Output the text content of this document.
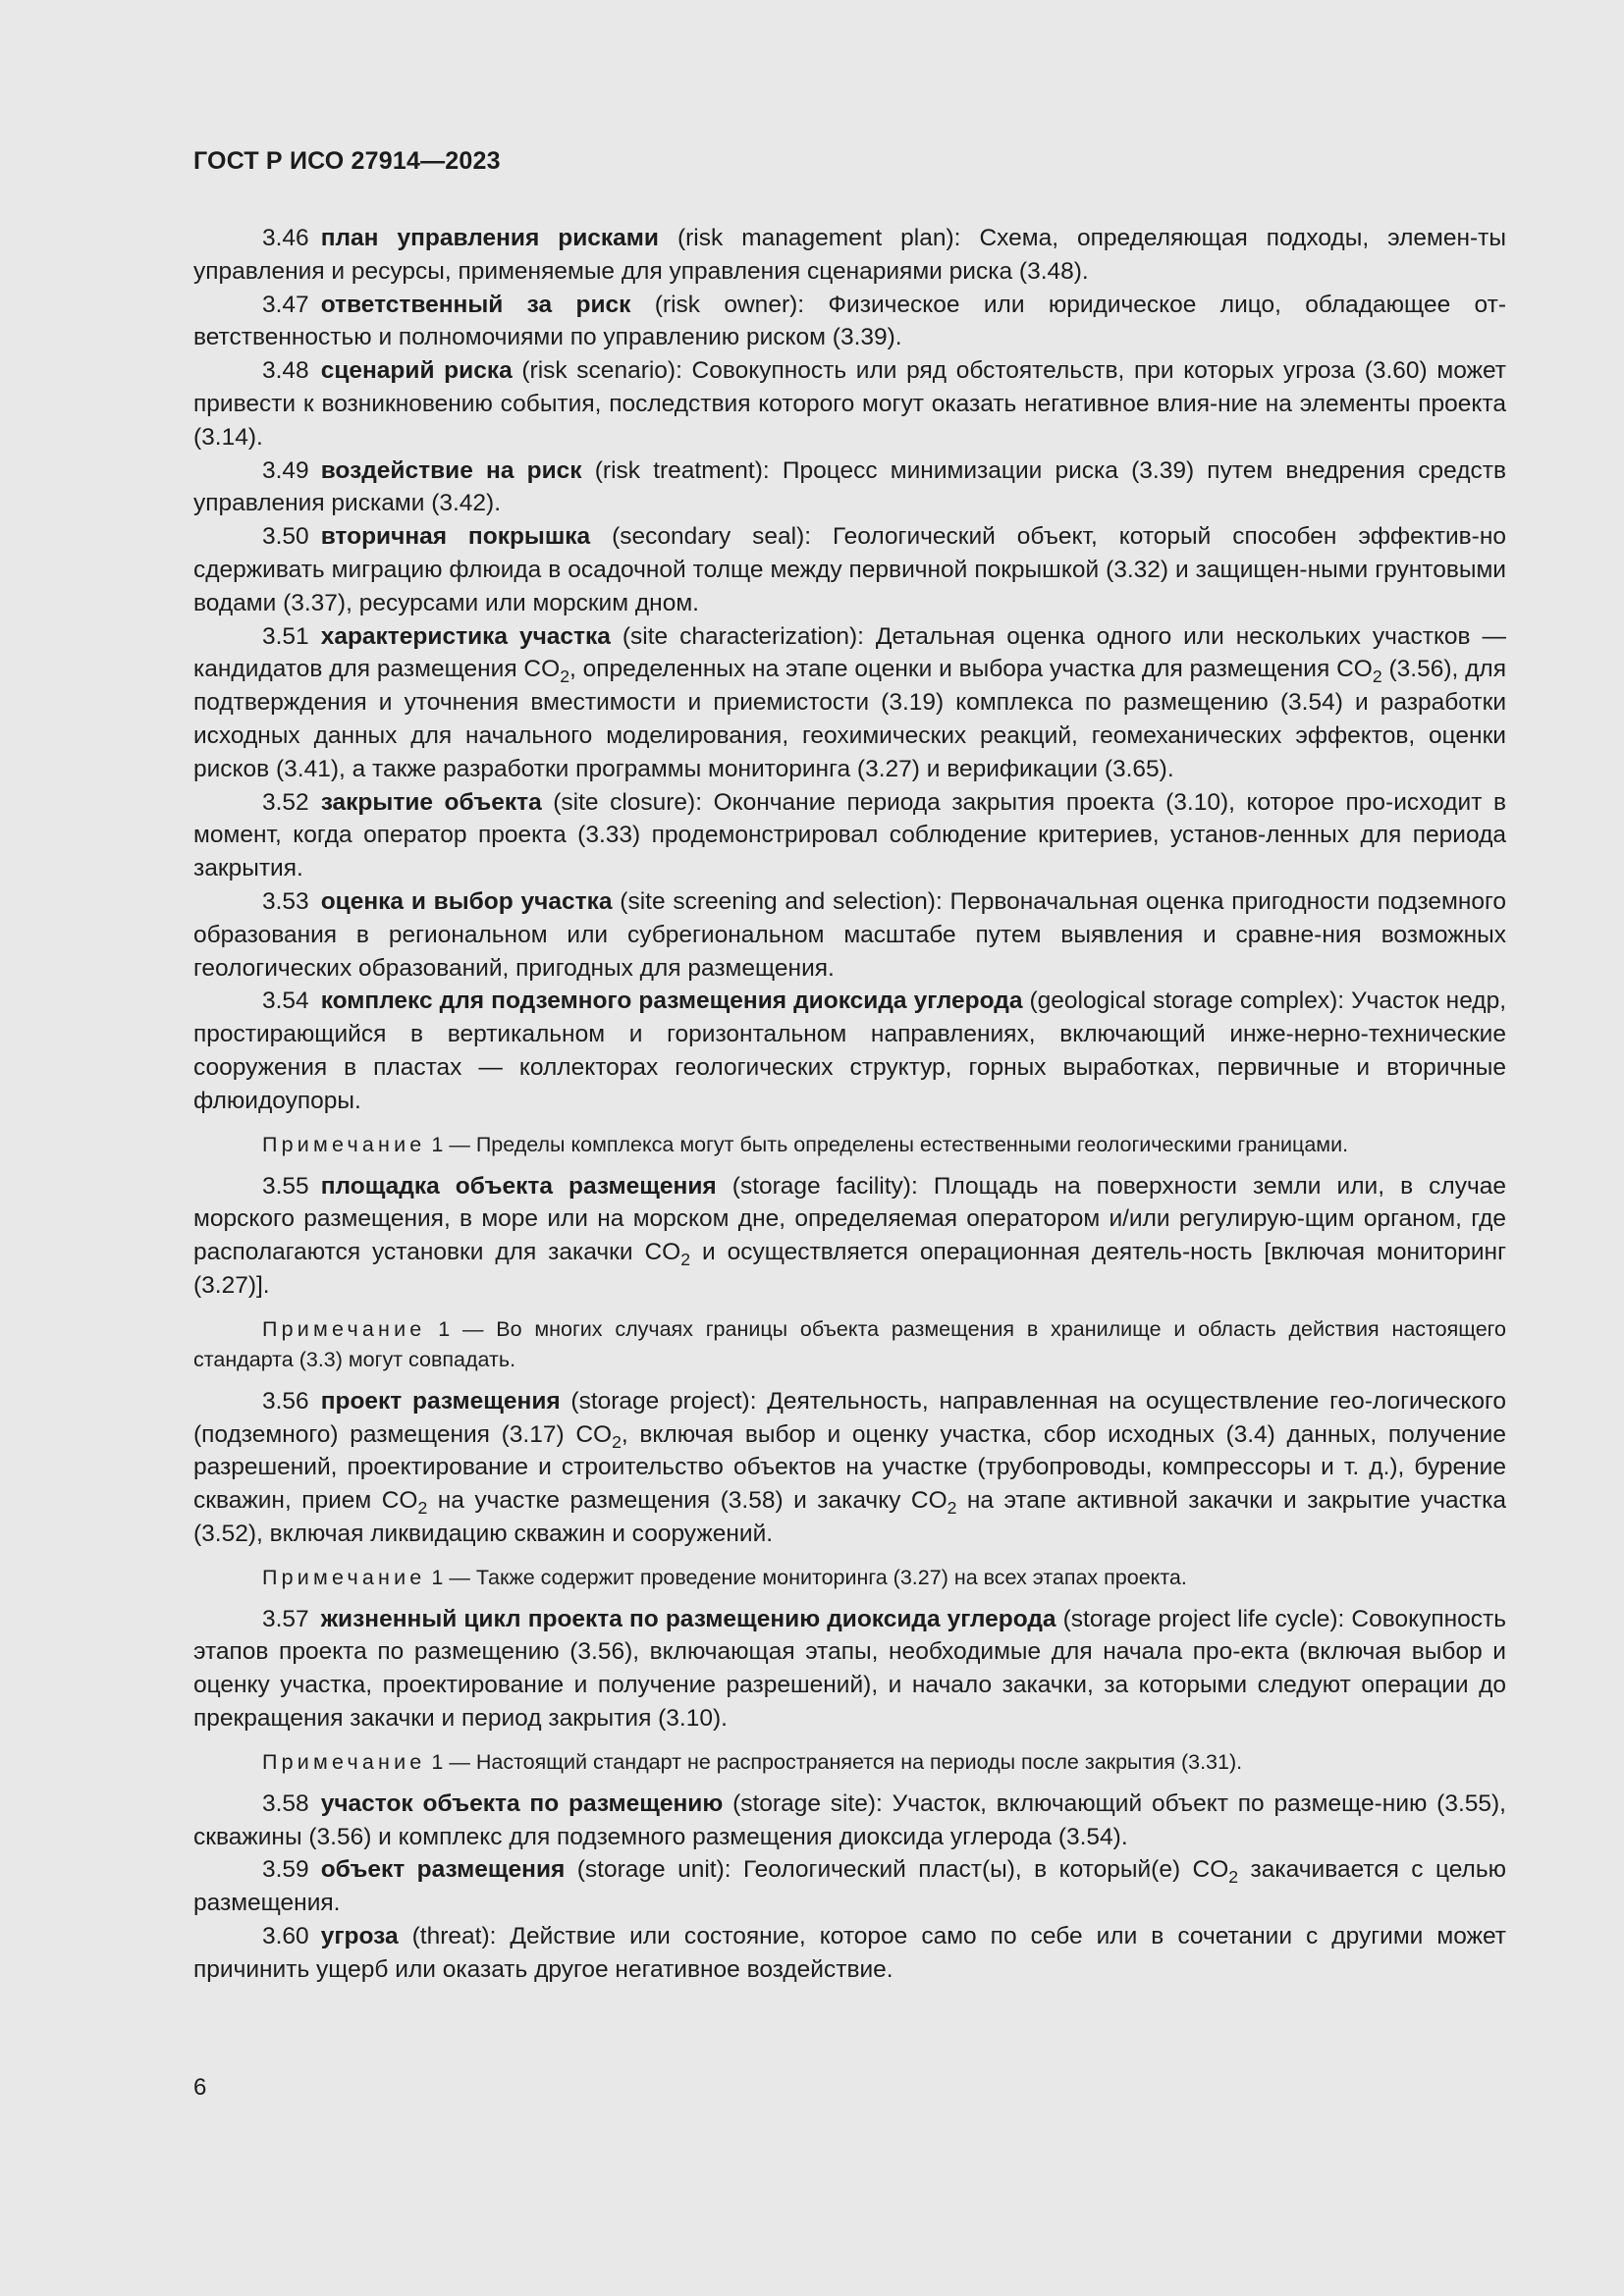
ГОСТ Р ИСО 27914—2023

3.46 план управления рисками (risk management plan): Схема, определяющая подходы, элемен-ты управления и ресурсы, применяемые для управления сценариями риска (3.48).

3.47 ответственный за риск (risk owner): Физическое или юридическое лицо, обладающее от-ветственностью и полномочиями по управлению риском (3.39).

3.48 сценарий риска (risk scenario): Совокупность или ряд обстоятельств, при которых угроза (3.60) может привести к возникновению события, последствия которого могут оказать негативное влия-ние на элементы проекта (3.14).

3.49 воздействие на риск (risk treatment): Процесс минимизации риска (3.39) путем внедрения средств управления рисками (3.42).

3.50 вторичная покрышка (secondary seal): Геологический объект, который способен эффектив-но сдерживать миграцию флюида в осадочной толще между первичной покрышкой (3.32) и защищен-ными грунтовыми водами (3.37), ресурсами или морским дном.

3.51 характеристика участка (site characterization): Детальная оценка одного или нескольких участков — кандидатов для размещения $CO_2$, определенных на этапе оценки и выбора участка для размещения $CO_2$ (3.56), для подтверждения и уточнения вместимости и приемистости (3.19) комплекса по размещению (3.54) и разработки исходных данных для начального моделирования, геохимических реакций, геомеханических эффектов, оценки рисков (3.41), а также разработки программы мониторинга (3.27) и верификации (3.65).

3.52 закрытие объекта (site closure): Окончание периода закрытия проекта (3.10), которое про-исходит в момент, когда оператор проекта (3.33) продемонстрировал соблюдение критериев, установ-ленных для периода закрытия.

3.53 оценка и выбор участка (site screening and selection): Первоначальная оценка пригодности подземного образования в региональном или субрегиональном масштабе путем выявления и сравне-ния возможных геологических образований, пригодных для размещения.

3.54 комплекс для подземного размещения диоксида углерода (geological storage complex): Участок недр, простирающийся в вертикальном и горизонтальном направлениях, включающий инже-нерно-технические сооружения в пластах — коллекторах геологических структур, горных выработках, первичные и вторичные флюидоупоры.

Примечание 1 — Пределы комплекса могут быть определены естественными геологическими границами.

3.55 площадка объекта размещения (storage facility): Площадь на поверхности земли или, в случае морского размещения, в море или на морском дне, определяемая оператором и/или регулирую-щим органом, где располагаются установки для закачки $CO_2$ и осуществляется операционная деятель-ность [включая мониторинг (3.27)].

Примечание 1 — Во многих случаях границы объекта размещения в хранилище и область действия настоящего стандарта (3.3) могут совпадать.

3.56 проект размещения (storage project): Деятельность, направленная на осуществление гео-логического (подземного) размещения (3.17) $CO_2$, включая выбор и оценку участка, сбор исходных (3.4) данных, получение разрешений, проектирование и строительство объектов на участке (трубопроводы, компрессоры и т. д.), бурение скважин, прием $CO_2$ на участке размещения (3.58) и закачку $CO_2$ на этапе активной закачки и закрытие участка (3.52), включая ликвидацию скважин и сооружений.

Примечание 1 — Также содержит проведение мониторинга (3.27) на всех этапах проекта.

3.57 жизненный цикл проекта по размещению диоксида углерода (storage project life cycle): Совокупность этапов проекта по размещению (3.56), включающая этапы, необходимые для начала про-екта (включая выбор и оценку участка, проектирование и получение разрешений), и начало закачки, за которыми следуют операции до прекращения закачки и период закрытия (3.10).

Примечание 1 — Настоящий стандарт не распространяется на периоды после закрытия (3.31).

3.58 участок объекта по размещению (storage site): Участок, включающий объект по размеще-нию (3.55), скважины (3.56) и комплекс для подземного размещения диоксида углерода (3.54).

3.59 объект размещения (storage unit): Геологический пласт(ы), в который(е) $CO_2$ закачивается с целью размещения.

3.60 угроза (threat): Действие или состояние, которое само по себе или в сочетании с другими может причинить ущерб или оказать другое негативное воздействие.

6
